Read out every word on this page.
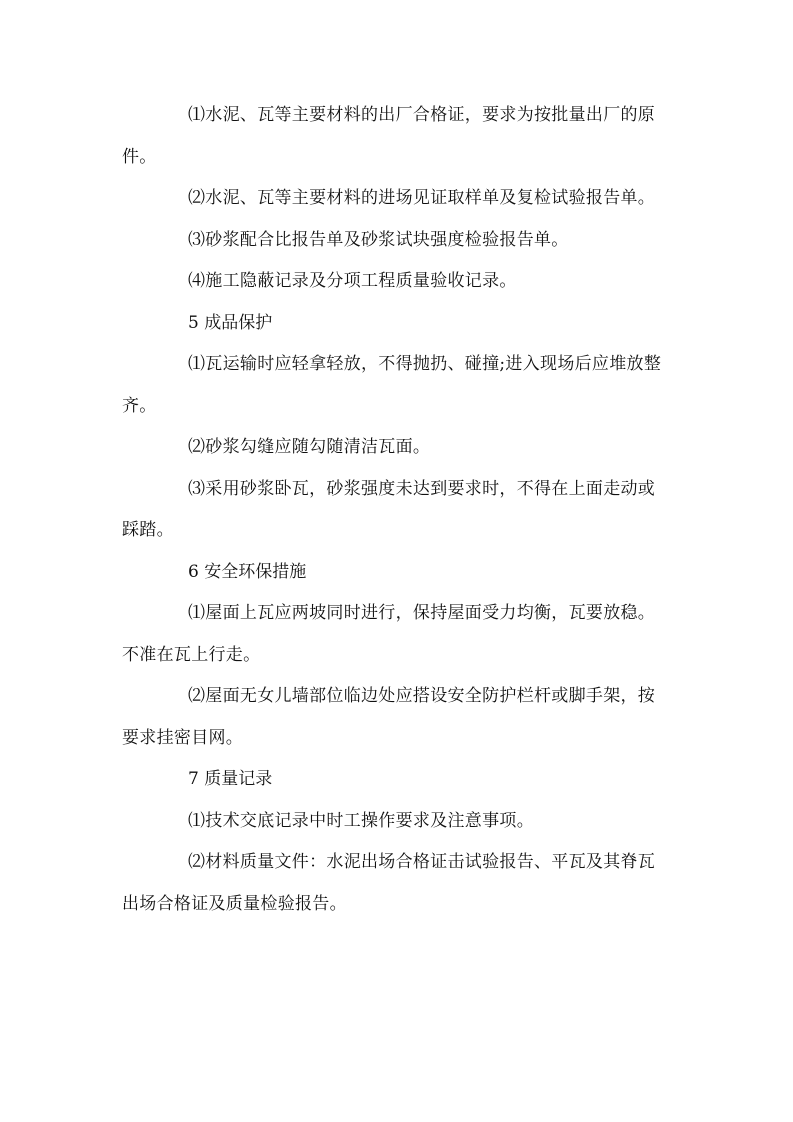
⑴水泥、瓦等主要材料的出厂合格证，要求为按批量出厂的原件。

⑵水泥、瓦等主要材料的进场见证取样单及复检试验报告单。

⑶砂浆配合比报告单及砂浆试块强度检验报告单。

⑷施工隐蔽记录及分项工程质量验收记录。

5 成品保护

⑴瓦运输时应轻拿轻放，不得抛扔、碰撞;进入现场后应堆放整齐。

⑵砂浆勾缝应随勾随清洁瓦面。

⑶采用砂浆卧瓦，砂浆强度未达到要求时，不得在上面走动或踩踏。

6 安全环保措施

⑴屋面上瓦应两坡同时进行，保持屋面受力均衡，瓦要放稳。不准在瓦上行走。

⑵屋面无女儿墙部位临边处应搭设安全防护栏杆或脚手架，按要求挂密目网。

7 质量记录

⑴技术交底记录中时工操作要求及注意事项。

⑵材料质量文件：水泥出场合格证击试验报告、平瓦及其脊瓦出场合格证及质量检验报告。
